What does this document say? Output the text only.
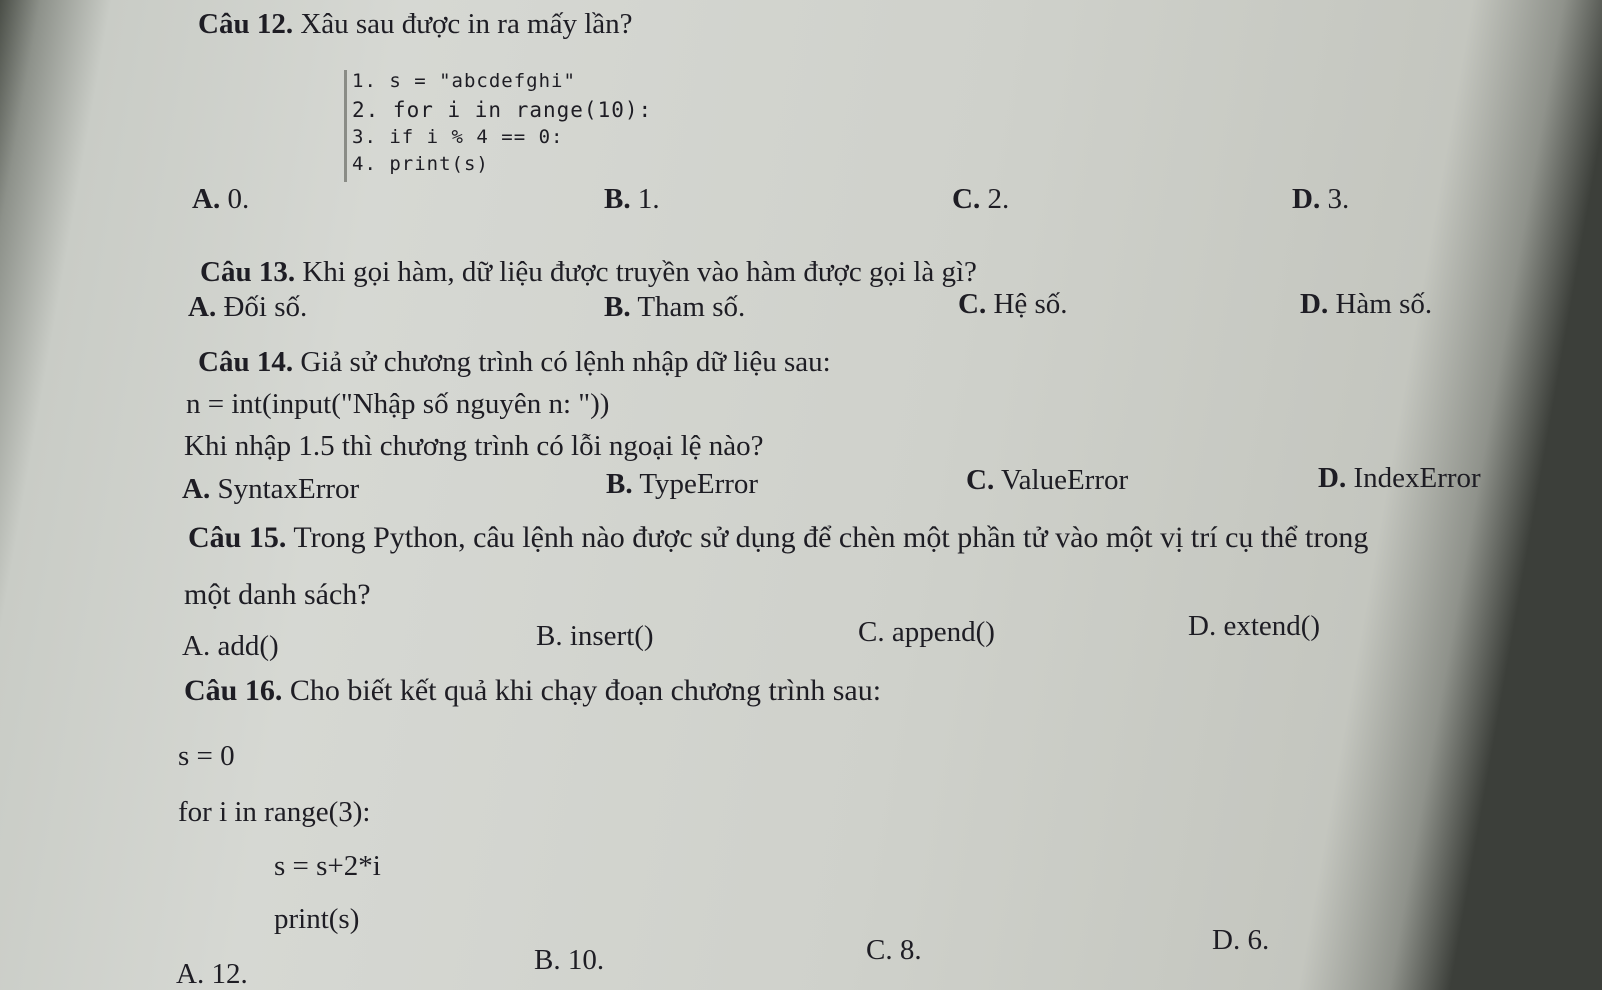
Câu 12. Xâu sau được in ra mấy lần?
1. s = "abcdefghi"
2. for i in range(10):
3. if i % 4 == 0:
4. print(s)
A. 0.	B. 1.	C. 2.	D. 3.
Câu 13. Khi gọi hàm, dữ liệu được truyền vào hàm được gọi là gì?
A. Đối số.	B. Tham số.	C. Hệ số.	D. Hàm số.
Câu 14. Giả sử chương trình có lệnh nhập dữ liệu sau:
n = int(input("Nhập số nguyên n: "))
Khi nhập 1.5 thì chương trình có lỗi ngoại lệ nào?
A. SyntaxError	B. TypeError	C. ValueError	D. IndexError
Câu 15. Trong Python, câu lệnh nào được sử dụng để chèn một phần tử vào một vị trí cụ thể trong
một danh sách?
A. add()	B. insert()	C. append()	D. extend()
Câu 16. Cho biết kết quả khi chạy đoạn chương trình sau:
s = 0
for i in range(3):
s = s+2*i
print(s)
A. 12.	B. 10.	C. 8.	D. 6.
